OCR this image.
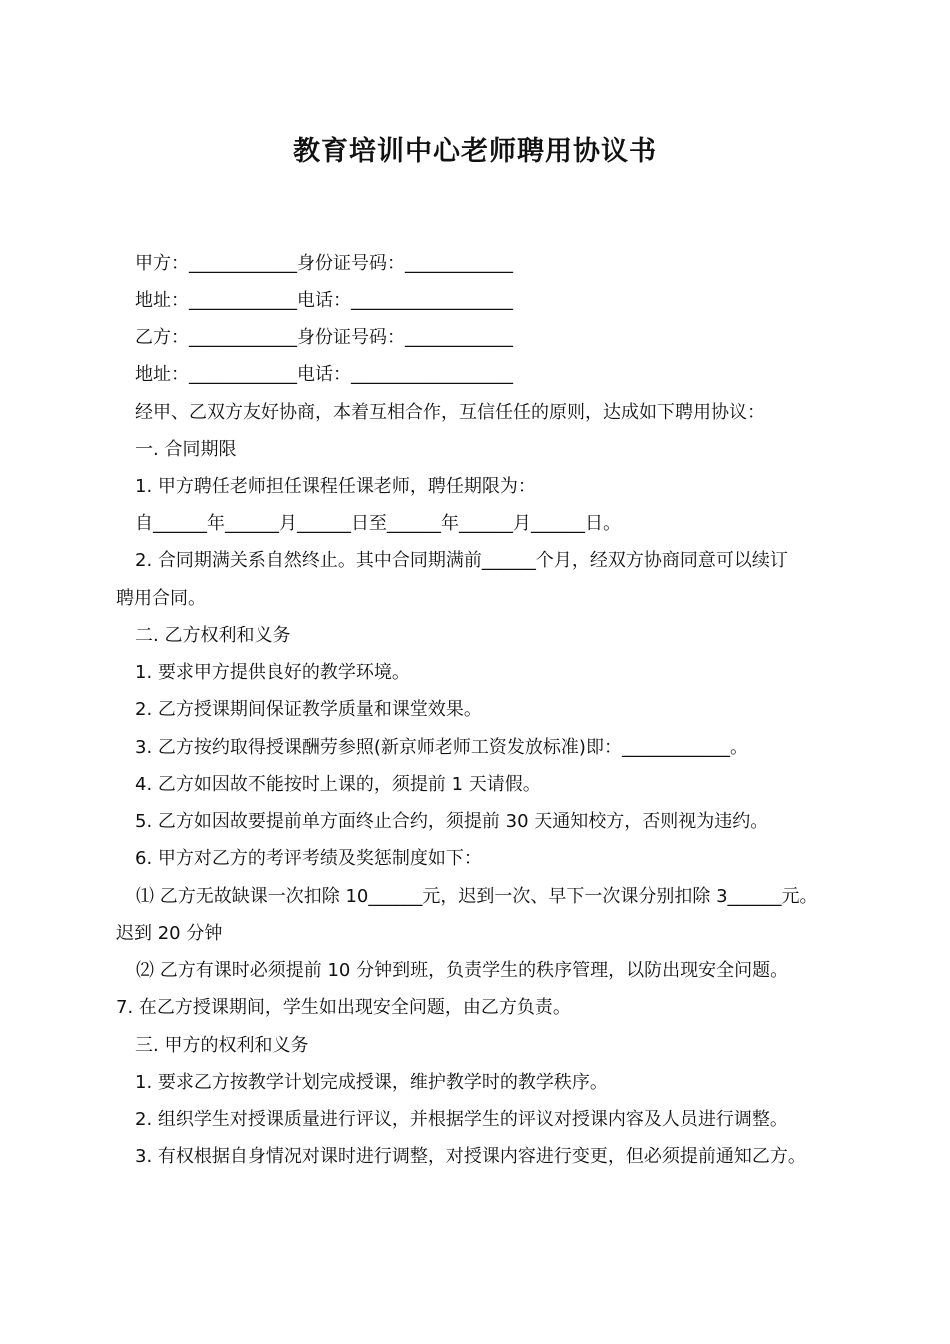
教育培训中心老师聘用协议书
甲方：____________身份证号码：____________
地址：____________电话：__________________
乙方：____________身份证号码：____________
地址：____________电话：__________________
经甲、乙双方友好协商，本着互相合作，互信任任的原则，达成如下聘用协议：
一. 合同期限
1. 甲方聘任老师担任课程任课老师，聘任期限为：
自______年______月______日至______年______月______日。
2. 合同期满关系自然终止。其中合同期满前______个月，经双方协商同意可以续订
聘用合同。
二. 乙方权利和义务
1. 要求甲方提供良好的教学环境。
2. 乙方授课期间保证教学质量和课堂效果。
3. 乙方按约取得授课酬劳参照(新京师老师工资发放标准)即：____________。
4. 乙方如因故不能按时上课的，须提前 1 天请假。
5. 乙方如因故要提前单方面终止合约，须提前 30 天通知校方，否则视为违约。
6. 甲方对乙方的考评考绩及奖惩制度如下：
⑴ 乙方无故缺课一次扣除 10______元，迟到一次、早下一次课分别扣除 3______元。
迟到 20 分钟
⑵ 乙方有课时必须提前 10 分钟到班，负责学生的秩序管理，以防出现安全问题。
7. 在乙方授课期间，学生如出现安全问题，由乙方负责。
三. 甲方的权利和义务
1. 要求乙方按教学计划完成授课，维护教学时的教学秩序。
2. 组织学生对授课质量进行评议，并根据学生的评议对授课内容及人员进行调整。
3. 有权根据自身情况对课时进行调整，对授课内容进行变更，但必须提前通知乙方。
